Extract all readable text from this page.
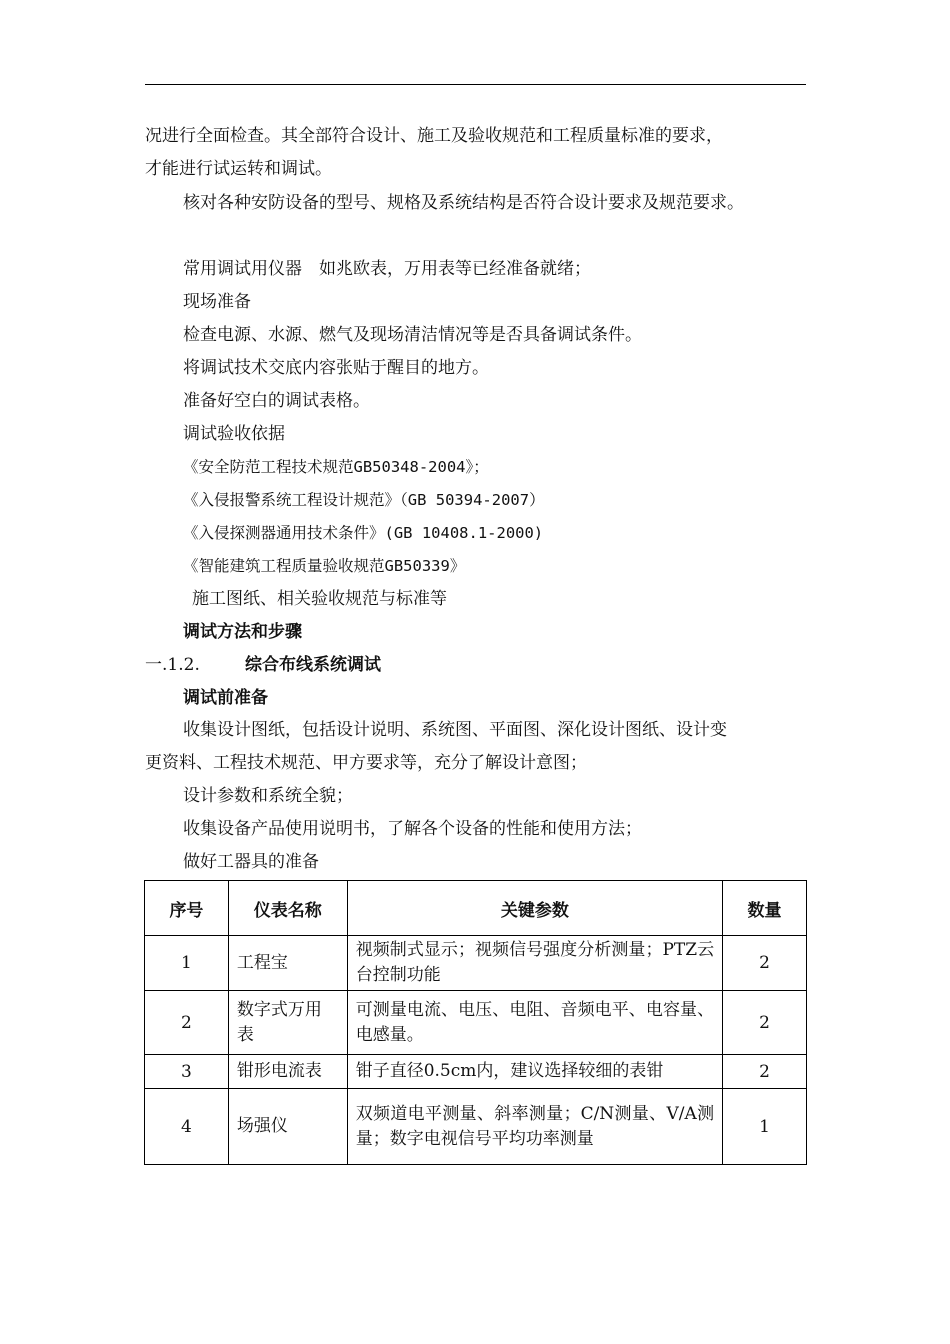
况进行全面检查。其全部符合设计、施工及验收规范和工程质量标准的要求，
才能进行试运转和调试。
核对各种安防设备的型号、规格及系统结构是否符合设计要求及规范要求。
常用调试用仪器　如兆欧表，万用表等已经准备就绪；
现场准备
检查电源、水源、燃气及现场清洁情况等是否具备调试条件。
将调试技术交底内容张贴于醒目的地方。
准备好空白的调试表格。
调试验收依据
《安全防范工程技术规范GB50348-2004》；
《入侵报警系统工程设计规范》（GB 50394-2007）
《入侵探测器通用技术条件》(GB 10408.1-2000)
《智能建筑工程质量验收规范GB50339》
施工图纸、相关验收规范与标准等
调试方法和步骤
一.1.2.	综合布线系统调试
调试前准备
收集设计图纸，包括设计说明、系统图、平面图、深化设计图纸、设计变
更资料、工程技术规范、甲方要求等，充分了解设计意图；
设计参数和系统全貌；
收集设备产品使用说明书，了解各个设备的性能和使用方法；
做好工器具的准备
序号	仪表名称	关键参数	数量
1	工程宝	视频制式显示；视频信号强度分析测量；PTZ云台控制功能	2
2	数字式万用表	可测量电流、电压、电阻、音频电平、电容量、电感量。	2
3	钳形电流表	钳子直径0.5cm内，建议选择较细的表钳	2
4	场强仪	双频道电平测量、斜率测量；C/N测量、V/A测量；数字电视信号平均功率测量	1
